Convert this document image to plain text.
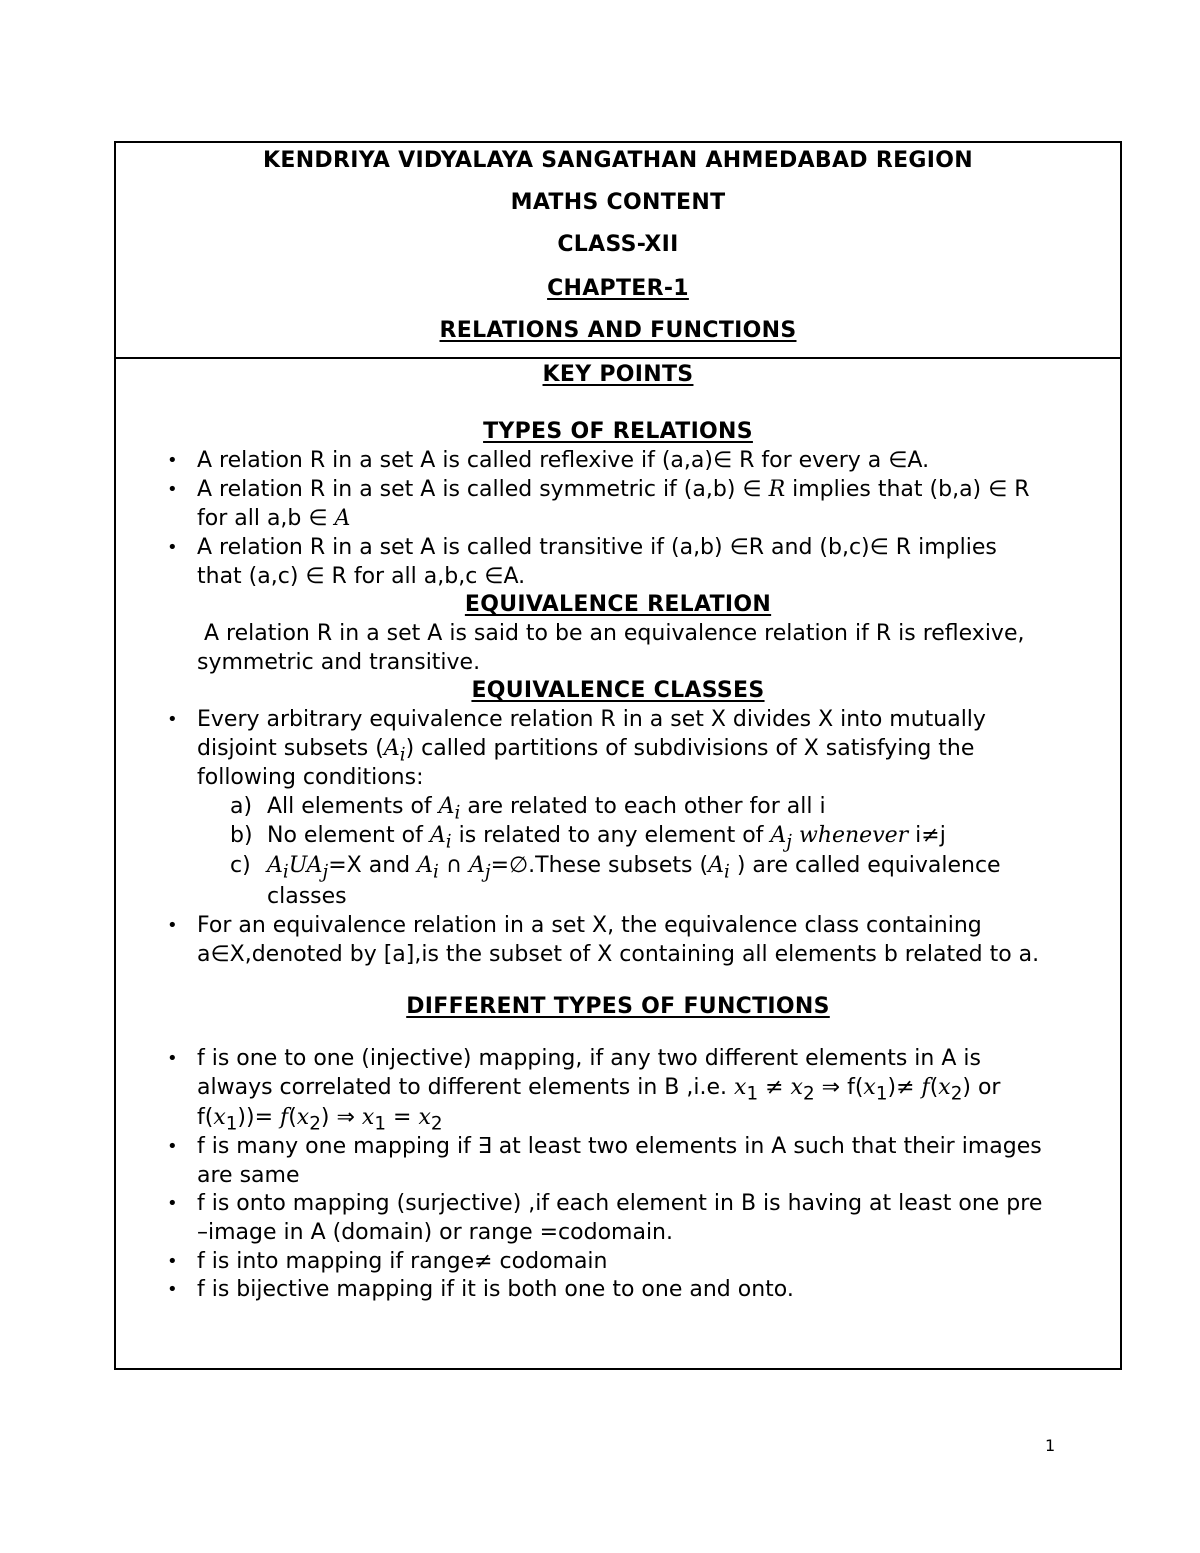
KENDRIYA VIDYALAYA SANGATHAN AHMEDABAD REGION
MATHS CONTENT
CLASS-XII
CHAPTER-1
RELATIONS AND FUNCTIONS
KEY POINTS
TYPES OF RELATIONS
• A relation R in a set A is called reflexive if (a,a)∈ R for every a ∈A.
• A relation R in a set A is called symmetric if (a,b) ∈ R implies that (b,a) ∈ R
for all a,b ∈ A
• A relation R in a set A is called transitive if (a,b) ∈R and (b,c)∈ R implies
that (a,c) ∈ R for all a,b,c ∈A.
EQUIVALENCE RELATION
A relation R in a set A is said to be an equivalence relation if R is reflexive,
symmetric and transitive.
EQUIVALENCE CLASSES
• Every arbitrary equivalence relation R in a set X divides X into mutually
disjoint subsets $(A_i)$ called partitions of subdivisions of X satisfying the
following conditions:
a) All elements of $A_i$ are related to each other for all i
b) No element of $A_i$ is related to any element of $A_j$ whenever i≠j
c) $A_iUA_j=X$ and $A_i$ ∩ $A_j=\emptyset.These$ subsets ($A_i$ ) are called equivalence
classes
• For an equivalence relation in a set X, the equivalence class containing
a∈X,denoted by [a],is the subset of X containing all elements b related to a.
DIFFERENT TYPES OF FUNCTIONS
• f is one to one (injective) mapping, if any two different elements in A is
always correlated to different elements in B ,i.e. $x_1 \ne x_2$ ⇒ $f(x_1)\ne f(x_2)$ or
$f(x_1))= f(x_2)$ ⇒ $x_1 = x_2$
• f is many one mapping if ∃ at least two elements in A such that their images
are same
• f is onto mapping (surjective) ,if each element in B is having at least one pre
–image in A (domain) or range =codomain.
• f is into mapping if range≠ codomain
• f is bijective mapping if it is both one to one and onto.
1
